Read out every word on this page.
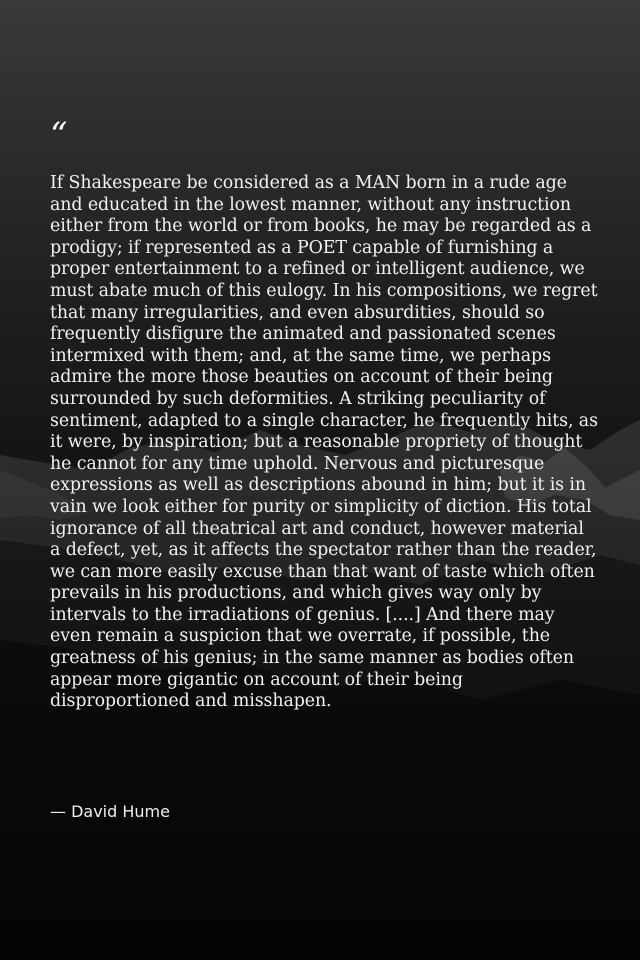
“

If Shakespeare be considered as a MAN born in a rude age and educated in the lowest manner, without any instruction either from the world or from books, he may be regarded as a prodigy; if represented as a POET capable of furnishing a proper entertainment to a refined or intelligent audience, we must abate much of this eulogy. In his compositions, we regret that many irregularities, and even absurdities, should so frequently disfigure the animated and passionated scenes intermixed with them; and, at the same time, we perhaps admire the more those beauties on account of their being surrounded by such deformities. A striking peculiarity of sentiment, adapted to a single character, he frequently hits, as it were, by inspiration; but a reasonable propriety of thought he cannot for any time uphold. Nervous and picturesque expressions as well as descriptions abound in him; but it is in vain we look either for purity or simplicity of diction. His total ignorance of all theatrical art and conduct, however material a defect, yet, as it affects the spectator rather than the reader, we can more easily excuse than that want of taste which often prevails in his productions, and which gives way only by intervals to the irradiations of genius. [....] And there may even remain a suspicion that we overrate, if possible, the greatness of his genius; in the same manner as bodies often appear more gigantic on account of their being disproportioned and misshapen.

— David Hume
